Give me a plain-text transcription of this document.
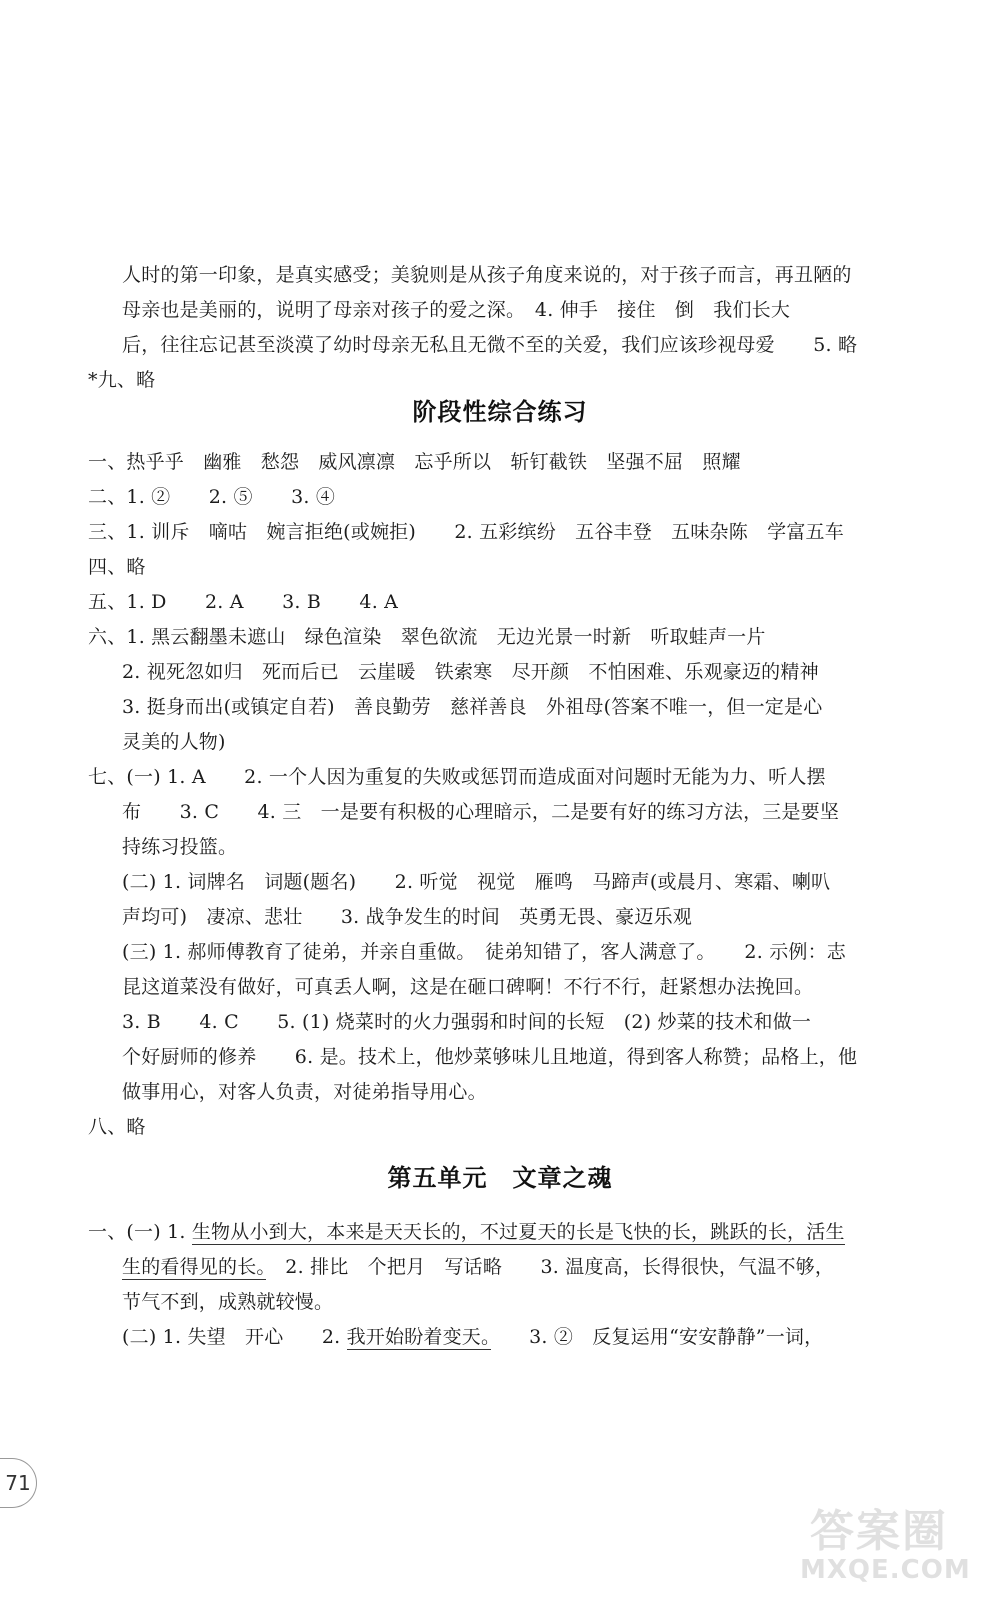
人时的第一印象，是真实感受；美貌则是从孩子角度来说的，对于孩子而言，再丑陋的
母亲也是美丽的，说明了母亲对孩子的爱之深。　4. 伸手　接住　倒　我们长大
后，往往忘记甚至淡漠了幼时母亲无私且无微不至的关爱，我们应该珍视母爱　　5. 略
*九、略
阶段性综合练习
一、热乎乎　幽雅　愁怨　威风凛凛　忘乎所以　斩钉截铁　坚强不屈　照耀
二、1. ②　　2. ⑤　　3. ④
三、1. 训斥　嘀咕　婉言拒绝(或婉拒)　　2. 五彩缤纷　五谷丰登　五味杂陈　学富五车
四、略
五、1. D　　2. A　　3. B　　4. A
六、1. 黑云翻墨未遮山　绿色渲染　翠色欲流　无边光景一时新　听取蛙声一片
2. 视死忽如归　死而后已　云崖暖　铁索寒　尽开颜　不怕困难、乐观豪迈的精神
3. 挺身而出(或镇定自若)　善良勤劳　慈祥善良　外祖母(答案不唯一，但一定是心
灵美的人物)
七、(一) 1. A　　2. 一个人因为重复的失败或惩罚而造成面对问题时无能为力、听人摆
布　　3. C　　4. 三　一是要有积极的心理暗示，二是要有好的练习方法，三是要坚
持练习投篮。
(二) 1. 词牌名　词题(题名)　　2. 听觉　视觉　雁鸣　马蹄声(或晨月、寒霜、喇叭
声均可)　凄凉、悲壮　　3. 战争发生的时间　英勇无畏、豪迈乐观
(三) 1. 郝师傅教育了徒弟，并亲自重做。　徒弟知错了，客人满意了。　　2. 示例：志
昆这道菜没有做好，可真丢人啊，这是在砸口碑啊！不行不行，赶紧想办法挽回。
3. B　　4. C　　5. (1) 烧菜时的火力强弱和时间的长短　(2) 炒菜的技术和做一
个好厨师的修养　　6. 是。技术上，他炒菜够味儿且地道，得到客人称赞；品格上，他
做事用心，对客人负责，对徒弟指导用心。
八、略
第五单元　文章之魂
一、(一) 1. 生物从小到大，本来是天天长的，不过夏天的长是飞快的长，跳跃的长，活生
生的看得见的长。　2. 排比　个把月　写话略　　3. 温度高，长得很快，气温不够，
节气不到，成熟就较慢。
(二) 1. 失望　开心　　2. 我开始盼着变天。　　3. ②　反复运用“安安静静”一词，
71
答案圈
MXQE.COM
